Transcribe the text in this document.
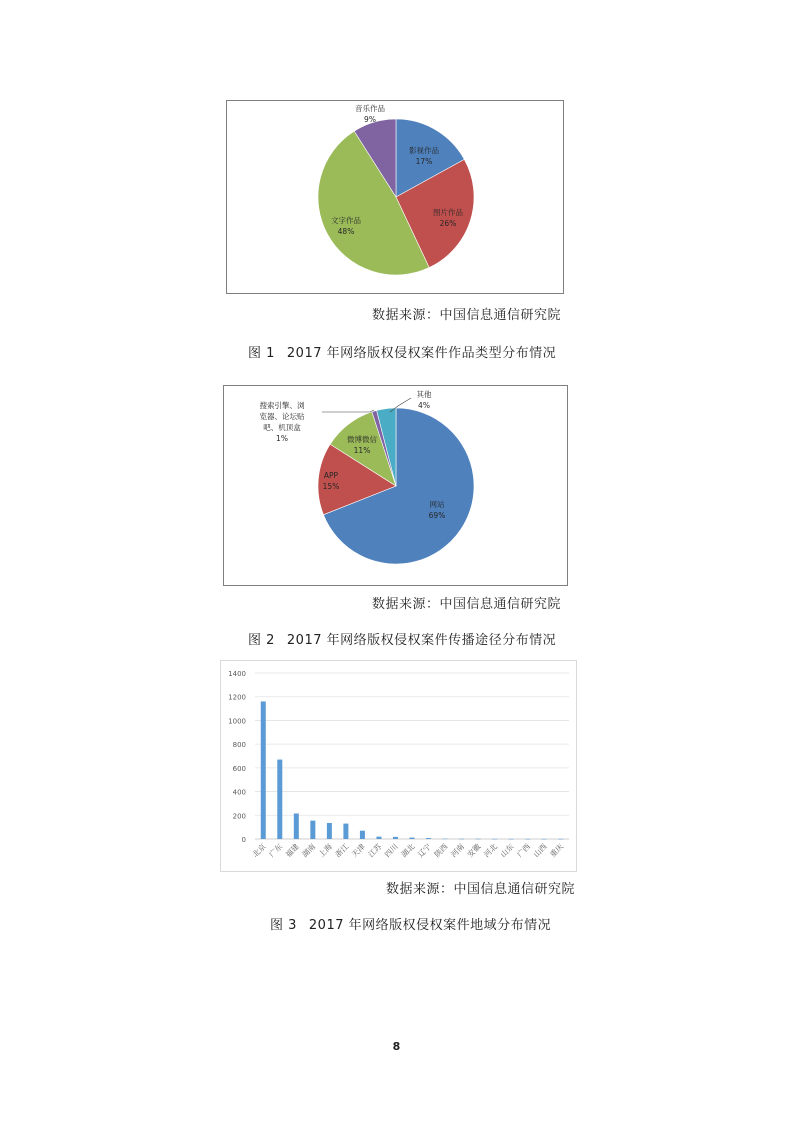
影视作品
17%
图片作品
26%
文字作品
48%
音乐作品
9%
数据来源：中国信息通信研究院
图 1 2017 年网络版权侵权案件作品类型分布情况
网站
69%
APP
15%
微博微信
11%
搜索引擎、浏
览器、论坛贴
吧、机顶盒
1%
其他
4%
数据来源：中国信息通信研究院
图 2 2017 年网络版权侵权案件传播途径分布情况
0
200
400
600
800
1000
1200
1400
北京 广东 福建 湖南 上海 浙江 天津 江苏 四川 湖北 辽宁 陕西 河南 安徽 河北 山东 广西 山西 重庆
数据来源：中国信息通信研究院
图 3 2017 年网络版权侵权案件地域分布情况
8
